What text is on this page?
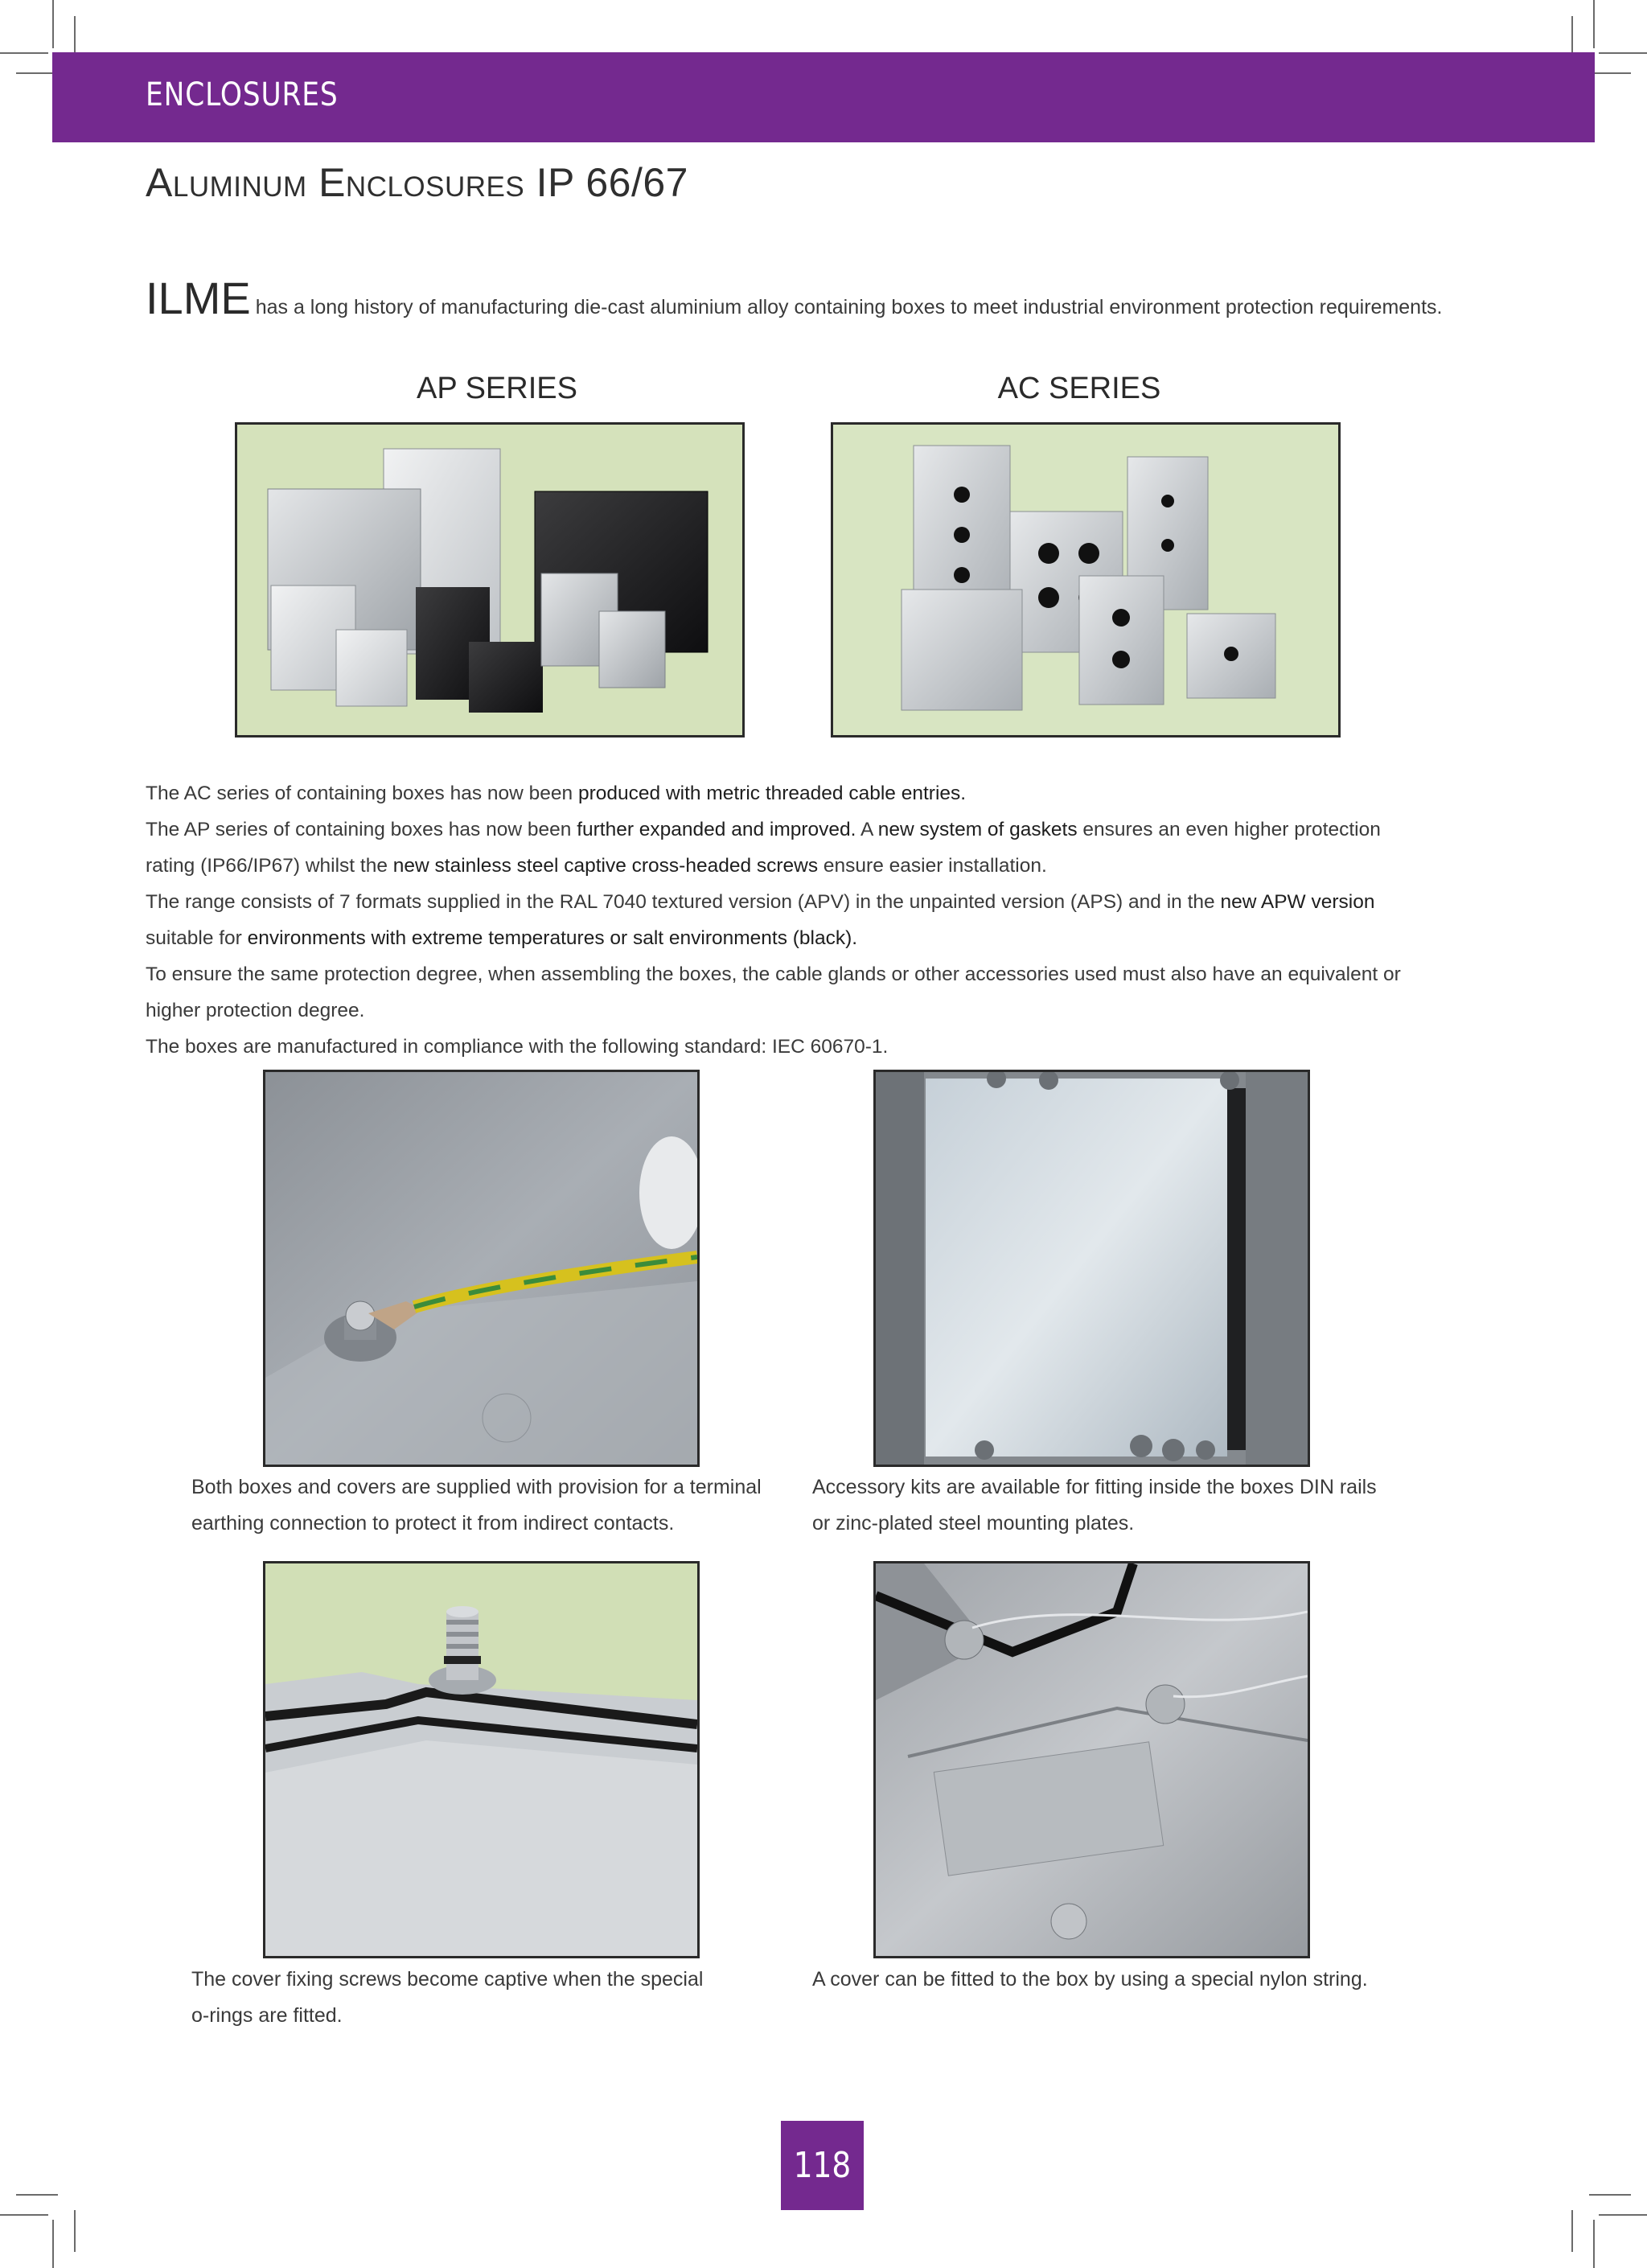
ENCLOSURES
Aluminum Enclosures IP 66/67
ILME has a long history of manufacturing die-cast aluminium alloy containing boxes to meet industrial environment protection requirements.
AP SERIES	AC SERIES
The AC series of containing boxes has now been produced with metric threaded cable entries.
The AP series of containing boxes has now been further expanded and improved. A new system of gaskets ensures an even higher protection
rating (IP66/IP67) whilst the new stainless steel captive cross-headed screws ensure easier installation.
The range consists of 7 formats supplied in the RAL 7040 textured version (APV) in the unpainted version (APS) and in the new APW version
suitable for environments with extreme temperatures or salt environments (black).
To ensure the same protection degree, when assembling the boxes, the cable glands or other accessories used must also have an equivalent or
higher protection degree.
The boxes are manufactured in compliance with the following standard: IEC 60670-1.
Both boxes and covers are supplied with provision for a terminal
earthing connection to protect it from indirect contacts.
Accessory kits are available for fitting inside the boxes DIN rails
or zinc-plated steel mounting plates.
The cover fixing screws become captive when the special
o-rings are fitted.
A cover can be fitted to the box by using a special nylon string.
118
